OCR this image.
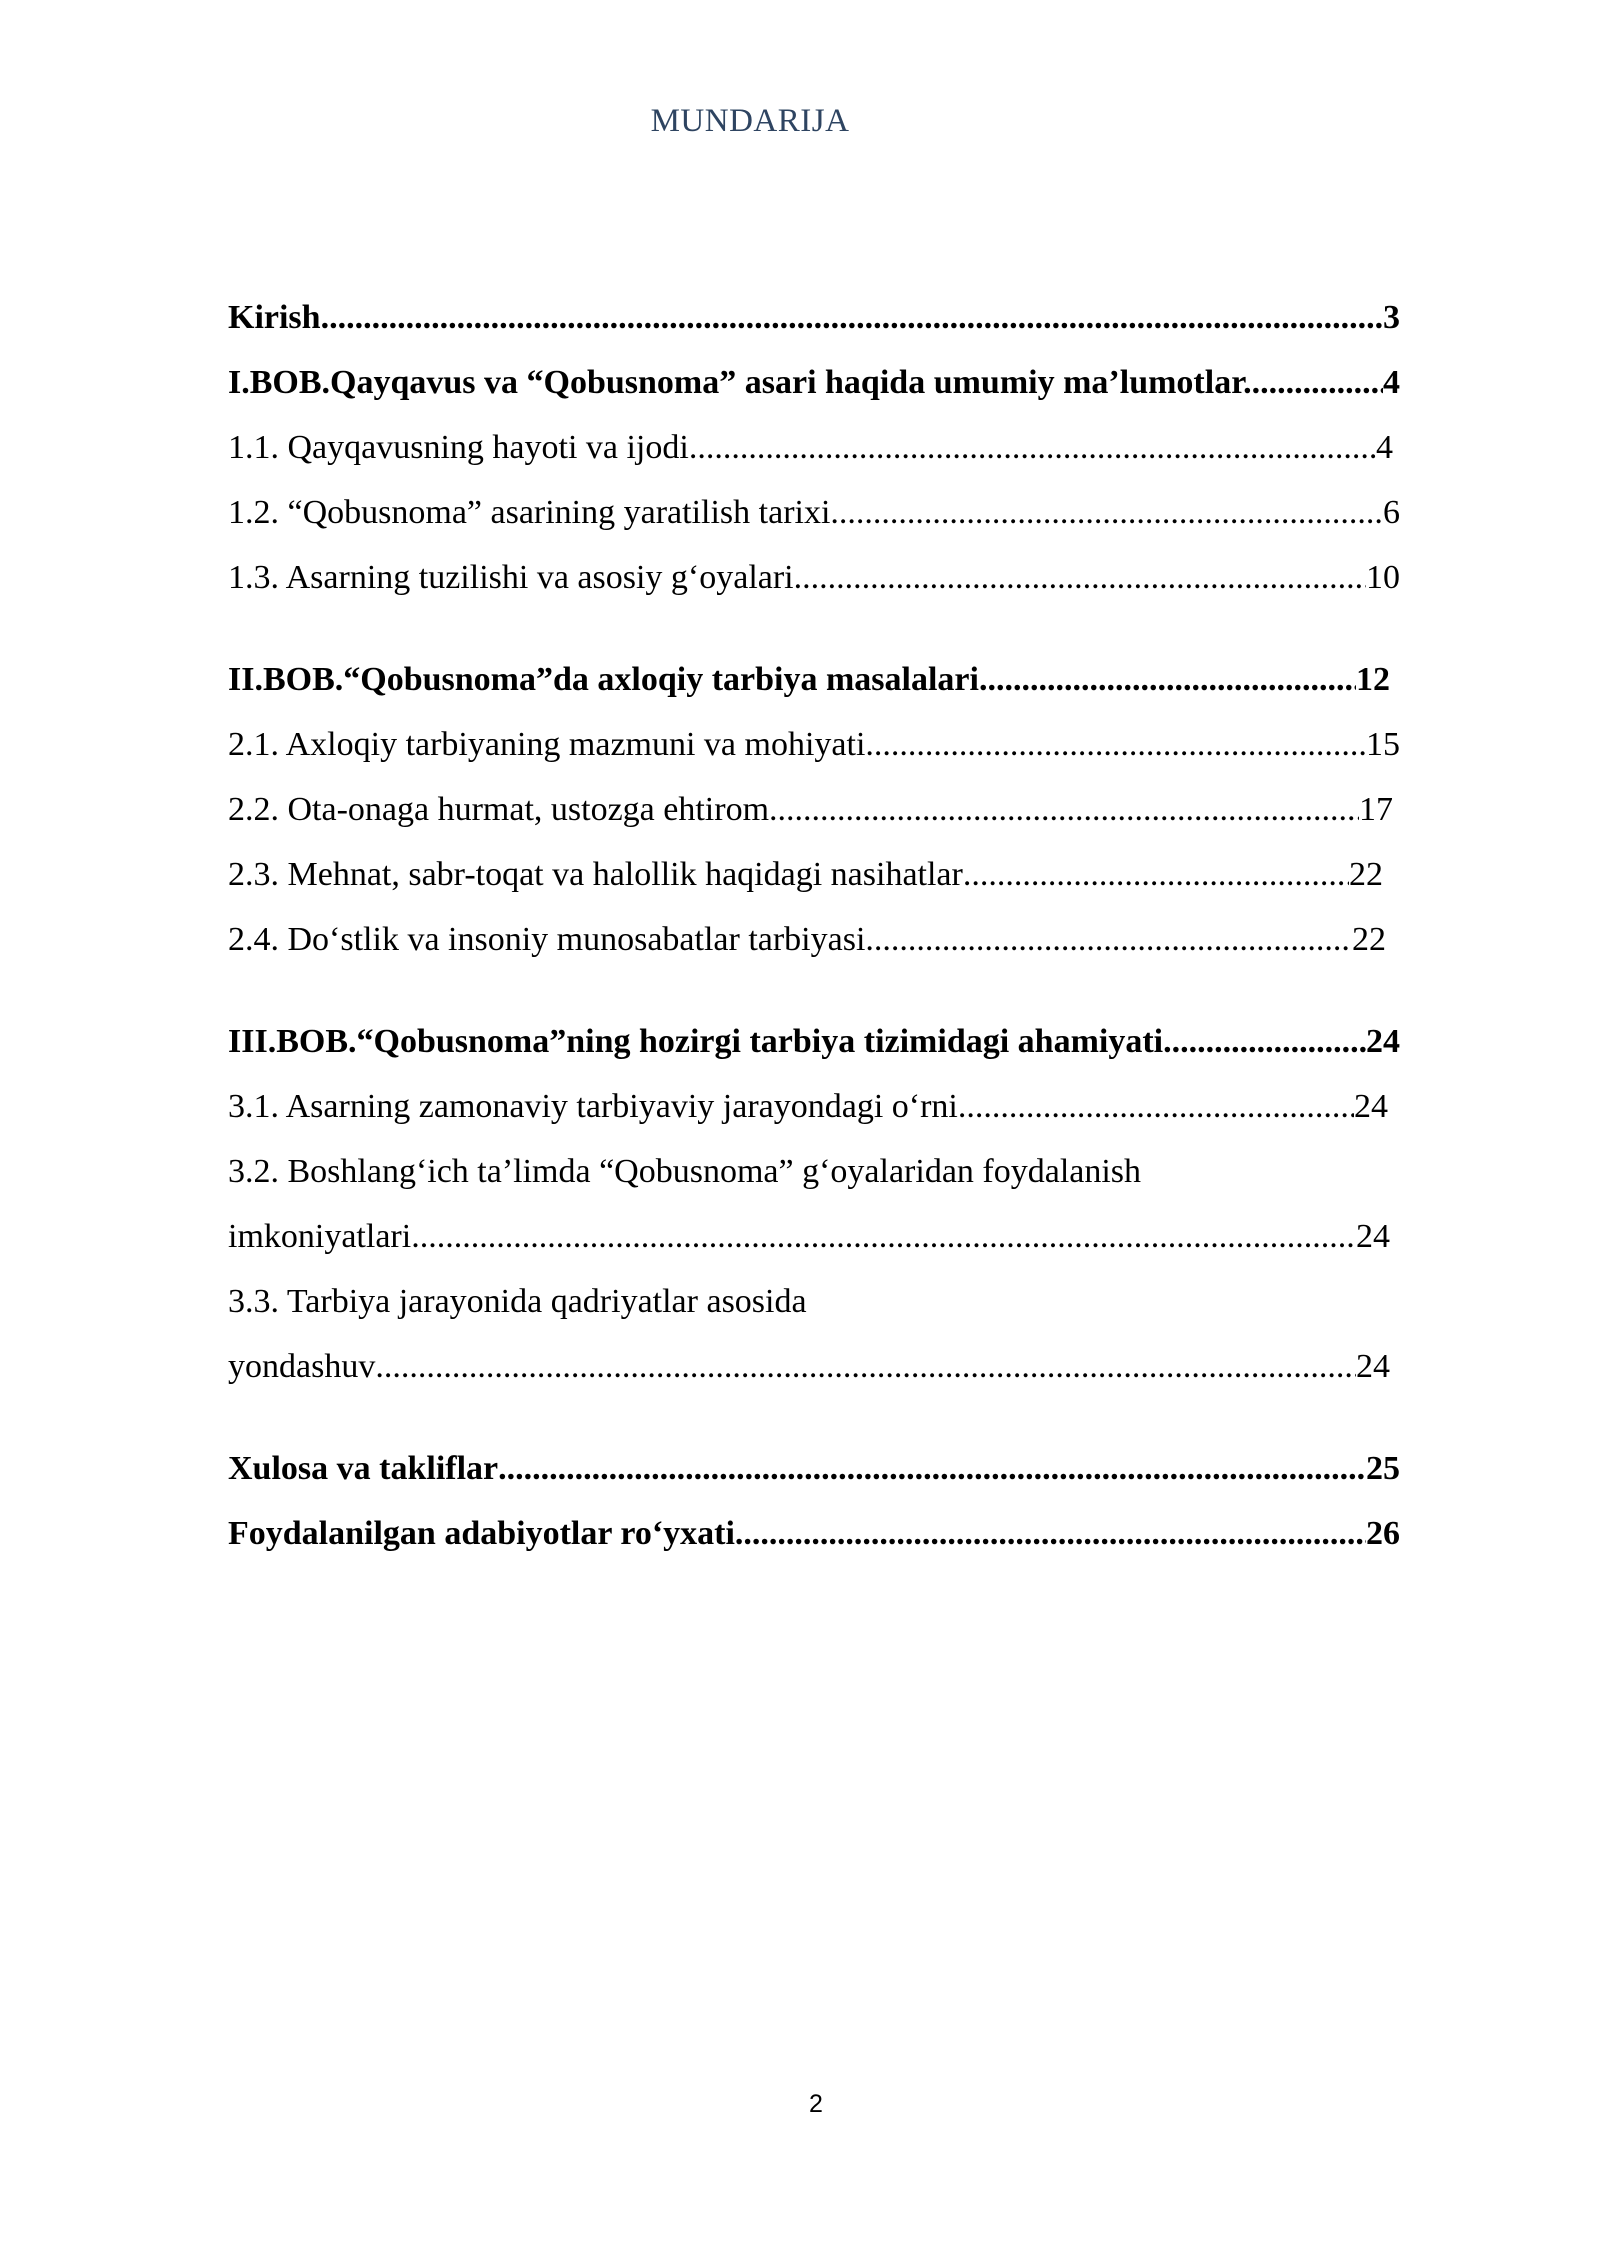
MUNDARIJA
Kirish .....	3
I.BOB.Qayqavus va “Qobusnoma” asari haqida umumiy ma’lumotlar.. .....	4
1.1. Qayqavusning hayoti va ijodi .....	4
1.2. “Qobusnoma” asarining yaratilish tarixi .....	6
1.3. Asarning tuzilishi va asosiy g‘oyalari .....	10
II.BOB.“Qobusnoma”da axloqiy tarbiya masalalari .....	12
2.1. Axloqiy tarbiyaning mazmuni va mohiyati .....	15
2.2. Ota-onaga hurmat, ustozga ehtirom .....	17
2.3. Mehnat, sabr-toqat va halollik haqidagi nasihatlar .....	22
2.4. Do‘stlik va insoniy munosabatlar tarbiyasi .....	22
III.BOB.“Qobusnoma”ning hozirgi tarbiya tizimidagi ahamiyati .....	24
3.1. Asarning zamonaviy tarbiyaviy jarayondagi o‘rni .....	24
3.2. Boshlang‘ich ta’limda “Qobusnoma” g‘oyalaridan foydalanish
imkoniyatlari .....	24
3.3. Tarbiya jarayonida qadriyatlar asosida
yondashuv .....	24
Xulosa va takliflar .....	25
Foydalanilgan adabiyotlar ro‘yxati .....	26
2
